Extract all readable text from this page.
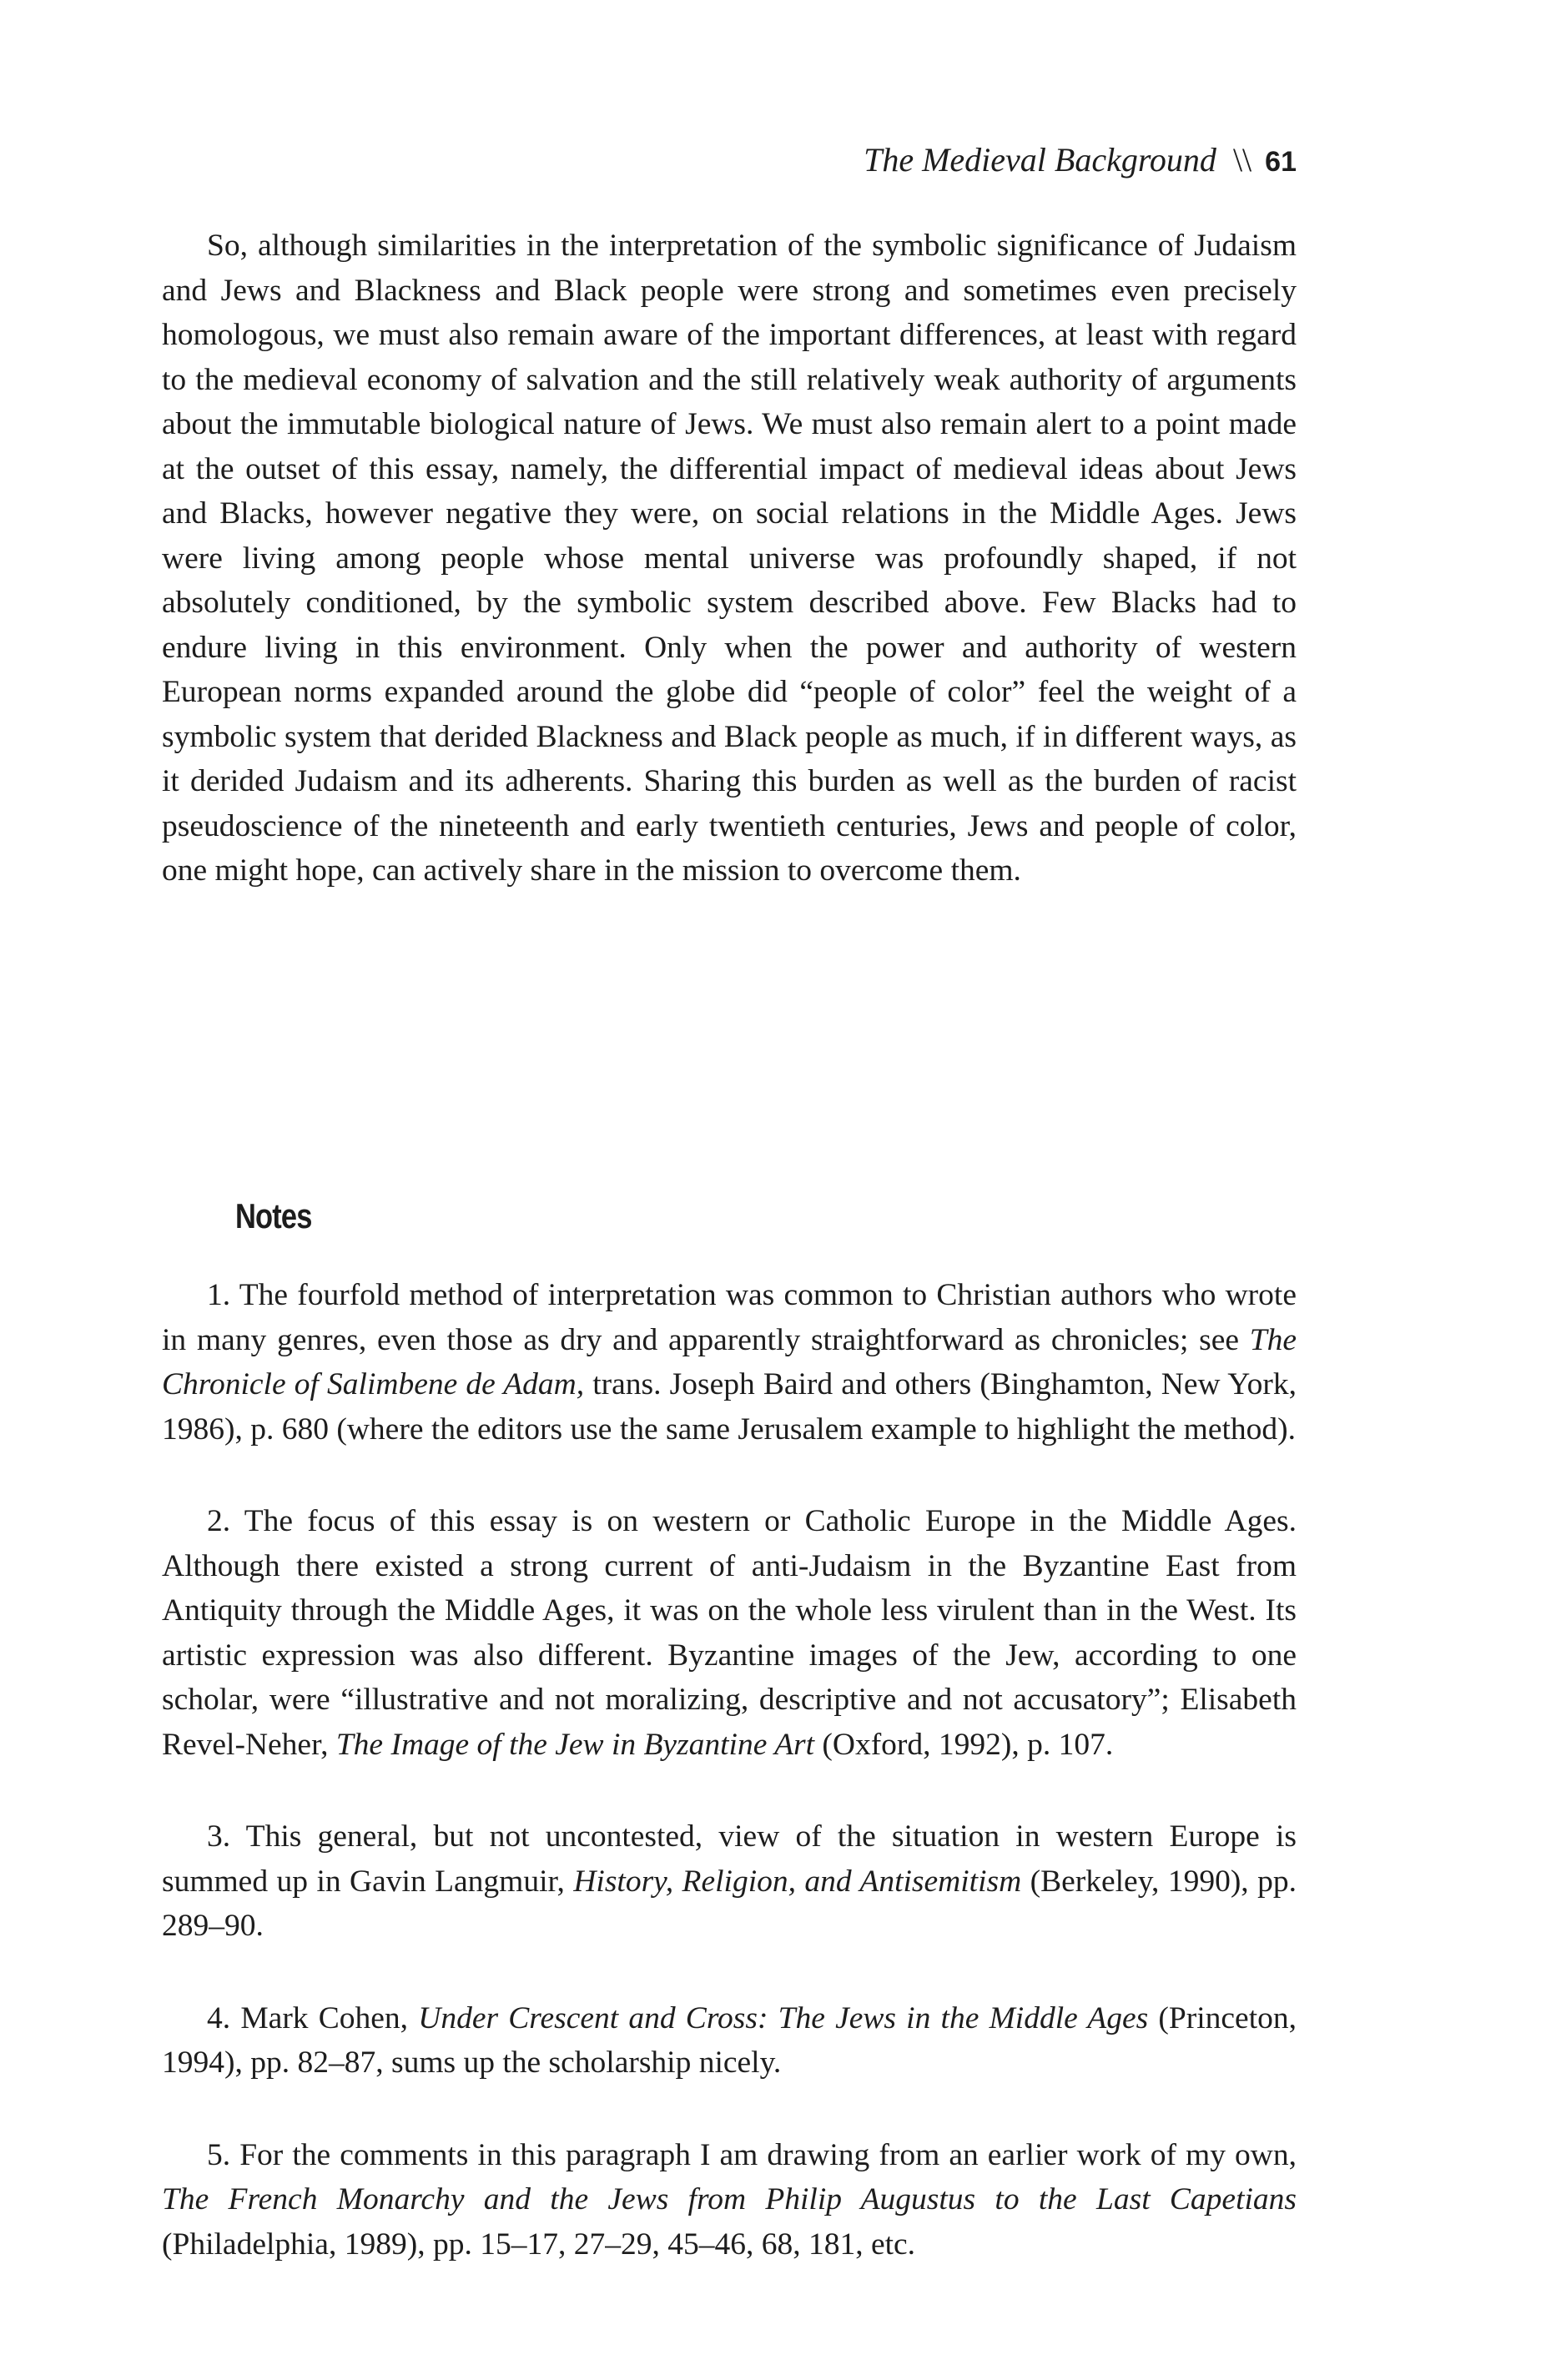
The Medieval Background \\ 61

So, although similarities in the interpretation of the symbolic significance of Judaism and Jews and Blackness and Black people were strong and sometimes even precisely homologous, we must also remain aware of the important differences, at least with regard to the medieval economy of salvation and the still relatively weak authority of arguments about the immutable biological nature of Jews. We must also remain alert to a point made at the outset of this essay, namely, the differential impact of medieval ideas about Jews and Blacks, however negative they were, on social relations in the Middle Ages. Jews were living among people whose mental universe was profoundly shaped, if not absolutely conditioned, by the symbolic system described above. Few Blacks had to endure living in this environment. Only when the power and authority of western European norms expanded around the globe did “people of color” feel the weight of a symbolic system that derided Blackness and Black people as much, if in different ways, as it derided Judaism and its adherents. Sharing this burden as well as the burden of racist pseudoscience of the nineteenth and early twentieth centuries, Jews and people of color, one might hope, can actively share in the mission to overcome them.

Notes

1. The fourfold method of interpretation was common to Christian authors who wrote in many genres, even those as dry and apparently straightforward as chronicles; see The Chronicle of Salimbene de Adam, trans. Joseph Baird and others (Binghamton, New York, 1986), p. 680 (where the editors use the same Jerusalem example to highlight the method).

2. The focus of this essay is on western or Catholic Europe in the Middle Ages. Although there existed a strong current of anti-Judaism in the Byzantine East from Antiquity through the Middle Ages, it was on the whole less virulent than in the West. Its artistic expression was also different. Byzantine images of the Jew, according to one scholar, were “illustrative and not moralizing, descriptive and not accusatory”; Elisabeth Revel-Neher, The Image of the Jew in Byzantine Art (Oxford, 1992), p. 107.

3. This general, but not uncontested, view of the situation in western Europe is summed up in Gavin Langmuir, History, Religion, and Antisemitism (Berkeley, 1990), pp. 289–90.

4. Mark Cohen, Under Crescent and Cross: The Jews in the Middle Ages (Princeton, 1994), pp. 82–87, sums up the scholarship nicely.

5. For the comments in this paragraph I am drawing from an earlier work of my own, The French Monarchy and the Jews from Philip Augustus to the Last Capetians (Philadelphia, 1989), pp. 15–17, 27–29, 45–46, 68, 181, etc.
